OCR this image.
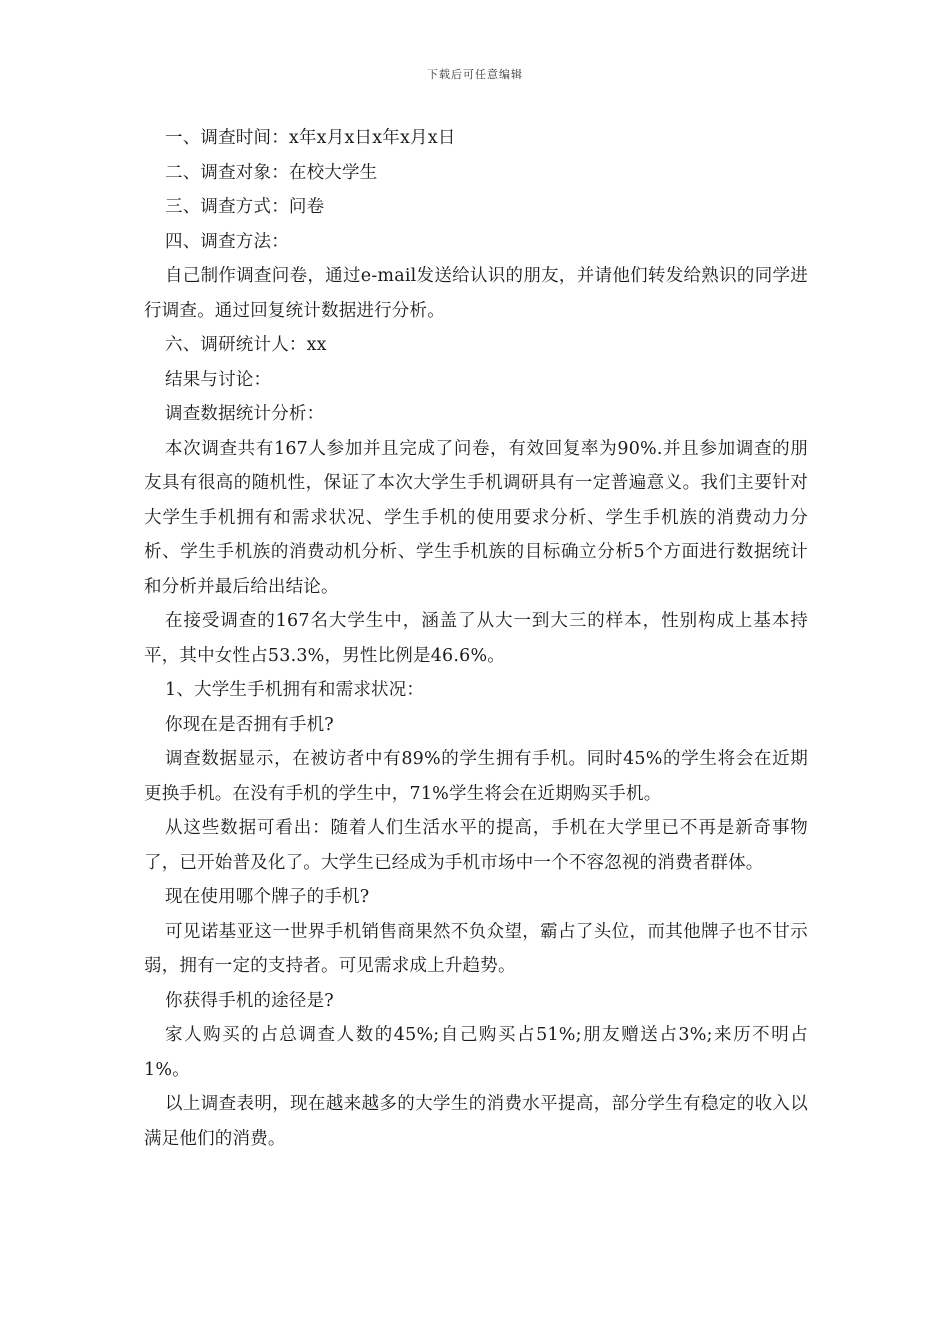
下载后可任意编辑

一、调查时间：x年x月x日x年x月x日

二、调查对象：在校大学生

三、调查方式：问卷

四、调查方法：

自己制作调查问卷，通过e-mail发送给认识的朋友，并请他们转发给熟识的同学进行调查。通过回复统计数据进行分析。

六、调研统计人：xx

结果与讨论：

调查数据统计分析：

本次调查共有167人参加并且完成了问卷，有效回复率为90%.并且参加调查的朋友具有很高的随机性，保证了本次大学生手机调研具有一定普遍意义。我们主要针对大学生手机拥有和需求状况、学生手机的使用要求分析、学生手机族的消费动力分析、学生手机族的消费动机分析、学生手机族的目标确立分析5个方面进行数据统计和分析并最后给出结论。

在接受调查的167名大学生中，涵盖了从大一到大三的样本，性别构成上基本持平，其中女性占53.3%，男性比例是46.6%。

1、大学生手机拥有和需求状况：

你现在是否拥有手机?

调查数据显示，在被访者中有89%的学生拥有手机。同时45%的学生将会在近期更换手机。在没有手机的学生中，71%学生将会在近期购买手机。

从这些数据可看出：随着人们生活水平的提高，手机在大学里已不再是新奇事物了，已开始普及化了。大学生已经成为手机市场中一个不容忽视的消费者群体。

现在使用哪个牌子的手机?

可见诺基亚这一世界手机销售商果然不负众望，霸占了头位，而其他牌子也不甘示弱，拥有一定的支持者。可见需求成上升趋势。

你获得手机的途径是?

家人购买的占总调查人数的45%;自己购买占51%;朋友赠送占3%;来历不明占1%。

以上调查表明，现在越来越多的大学生的消费水平提高，部分学生有稳定的收入以满足他们的消费。
